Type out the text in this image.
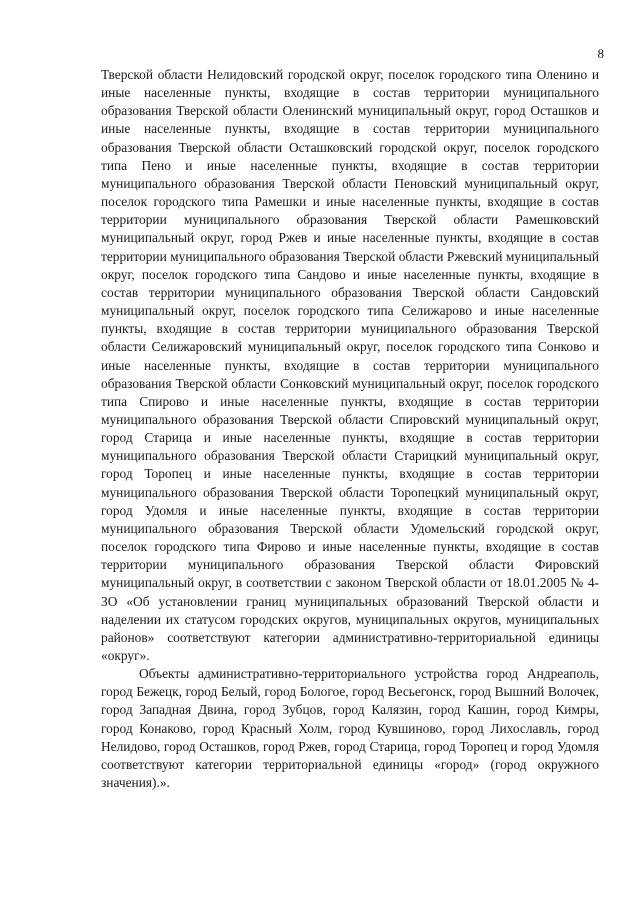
8

Тверской области Нелидовский городской округ, поселок городского типа Оленино и иные населенные пункты, входящие в состав территории муниципального образования Тверской области Оленинский муниципальный округ, город Осташков и иные населенные пункты, входящие в состав территории муниципального образования Тверской области Осташковский городской округ, поселок городского типа Пено и иные населенные пункты, входящие в состав территории муниципального образования Тверской области Пеновский муниципальный округ, поселок городского типа Рамешки и иные населенные пункты, входящие в состав территории муниципального образования Тверской области Рамешковский муниципальный округ, город Ржев и иные населенные пункты, входящие в состав территории муниципального образования Тверской области Ржевский муниципальный округ, поселок городского типа Сандово и иные населенные пункты, входящие в состав территории муниципального образования Тверской области Сандовский муниципальный округ, поселок городского типа Селижарово и иные населенные пункты, входящие в состав территории муниципального образования Тверской области Селижаровский муниципальный округ, поселок городского типа Сонково и иные населенные пункты, входящие в состав территории муниципального образования Тверской области Сонковский муниципальный округ, поселок городского типа Спирово и иные населенные пункты, входящие в состав территории муниципального образования Тверской области Спировский муниципальный округ, город Старица и иные населенные пункты, входящие в состав территории муниципального образования Тверской области Старицкий муниципальный округ, город Торопец и иные населенные пункты, входящие в состав территории муниципального образования Тверской области Торопецкий муниципальный округ, город Удомля и иные населенные пункты, входящие в состав территории муниципального образования Тверской области Удомельский городской округ, поселок городского типа Фирово и иные населенные пункты, входящие в состав территории муниципального образования Тверской области Фировский муниципальный округ, в соответствии с законом Тверской области от 18.01.2005 № 4-ЗО «Об установлении границ муниципальных образований Тверской области и наделении их статусом городских округов, муниципальных округов, муниципальных районов» соответствуют категории административно-территориальной единицы «округ».

Объекты административно-территориального устройства город Андреаполь, город Бежецк, город Белый, город Бологое, город Весьегонск, город Вышний Волочек, город Западная Двина, город Зубцов, город Калязин, город Кашин, город Кимры, город Конаково, город Красный Холм, город Кувшиново, город Лихославль, город Нелидово, город Осташков, город Ржев, город Старица, город Торопец и город Удомля соответствуют категории территориальной единицы «город» (город окружного значения).».
